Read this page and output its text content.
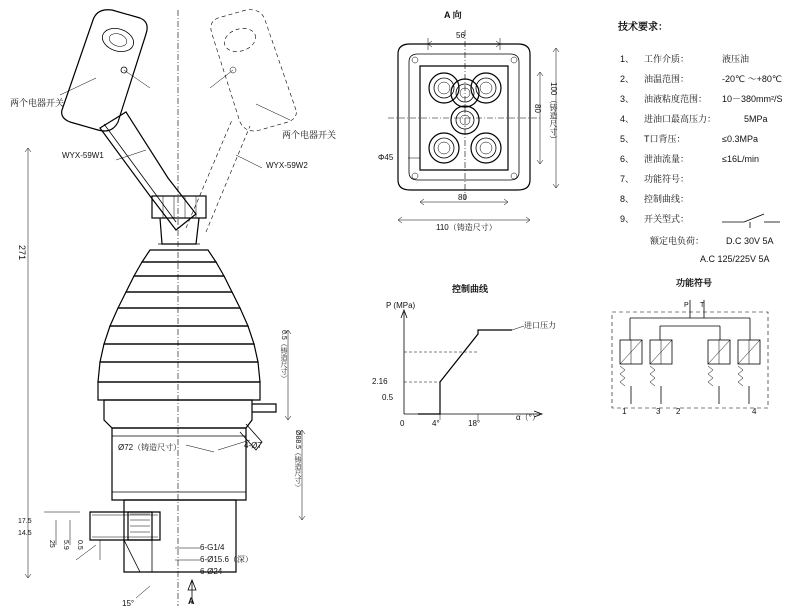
两个电器开关
两个电器开关
WYX-59W1
WYX-59W2
271
6.5（铸造尺寸）
Ø88.5（铸造尺寸）
Ø72（铸造尺寸）	4-Ø7
17.5
14.5
25 5.9 0.5	6-G1/4
6-Ø15.6（深）
6-Ø24
15°	A
A 向
56
80 100（铸造尺寸）
80
110（铸造尺寸）
Φ45
控制曲线
P (MPa)
2.16
0.5
0	4°	18°
α（°）
进口压力
功能符号
P T
1	3 2	4
技术要求：
1、 工作介质：	液压油
2、 油温范围：	-20℃ ～+80℃
3、 油液粘度范围： 10－380mm²/S
4、 进油口最高压力：	5MPa
5、 T口背压：	≤0.3MPa
6、 泄油流量：	≤16L/min
7、 功能符号：
8、 控制曲线：
9、 开关型式：
额定电负荷： D.C 30V 5A
A.C 125/225V 5A
